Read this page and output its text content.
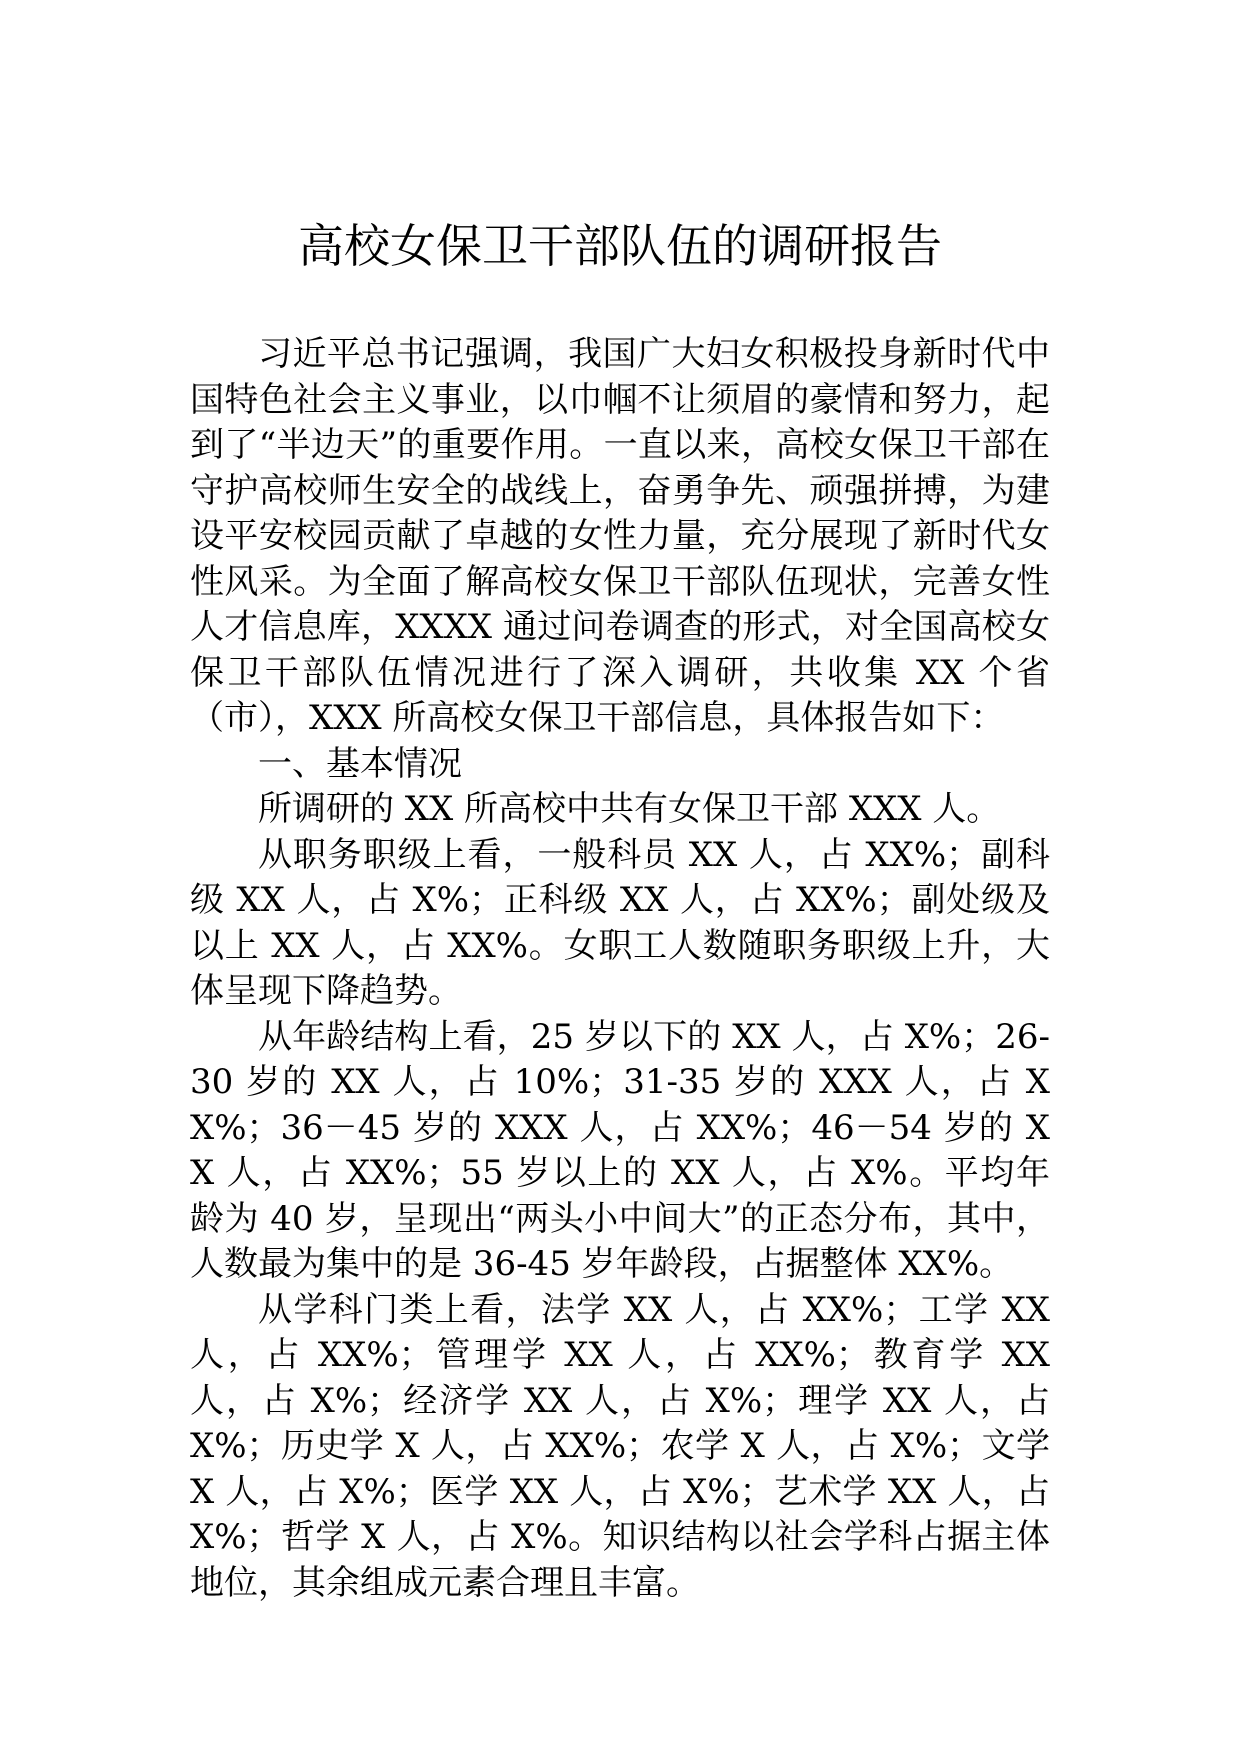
高校女保卫干部队伍的调研报告

习近平总书记强调，我国广大妇女积极投身新时代中国特色社会主义事业，以巾帼不让须眉的豪情和努力，起到了“半边天”的重要作用。一直以来，高校女保卫干部在守护高校师生安全的战线上，奋勇争先、顽强拼搏，为建设平安校园贡献了卓越的女性力量，充分展现了新时代女性风采。为全面了解高校女保卫干部队伍现状，完善女性人才信息库，XXXX 通过问卷调查的形式，对全国高校女保卫干部队伍情况进行了深入调研，共收集 XX 个省（市），XXX 所高校女保卫干部信息，具体报告如下：

一、基本情况

所调研的 XX 所高校中共有女保卫干部 XXX 人。

从职务职级上看，一般科员 XX 人，占 XX%；副科级 XX 人，占 X%；正科级 XX 人，占 XX%；副处级及以上 XX 人，占 XX%。女职工人数随职务职级上升，大体呈现下降趋势。

从年龄结构上看，25 岁以下的 XX 人，占 X%；26-30 岁的 XX 人，占 10%；31-35 岁的 XXX 人，占 XX%；36－45 岁的 XXX 人，占 XX%；46－54 岁的 XX 人，占 XX%；55 岁以上的 XX 人，占 X%。平均年龄为 40 岁，呈现出“两头小中间大”的正态分布，其中，人数最为集中的是 36-45 岁年龄段，占据整体 XX%。

从学科门类上看，法学 XX 人，占 XX%；工学 XX 人，占 XX%；管理学 XX 人，占 XX%；教育学 XX 人，占 X%；经济学 XX 人，占 X%；理学 XX 人，占 X%；历史学 X 人，占 XX%；农学 X 人，占 X%；文学 X 人，占 X%；医学 XX 人，占 X%；艺术学 XX 人，占 X%；哲学 X 人，占 X%。知识结构以社会学科占据主体地位，其余组成元素合理且丰富。
